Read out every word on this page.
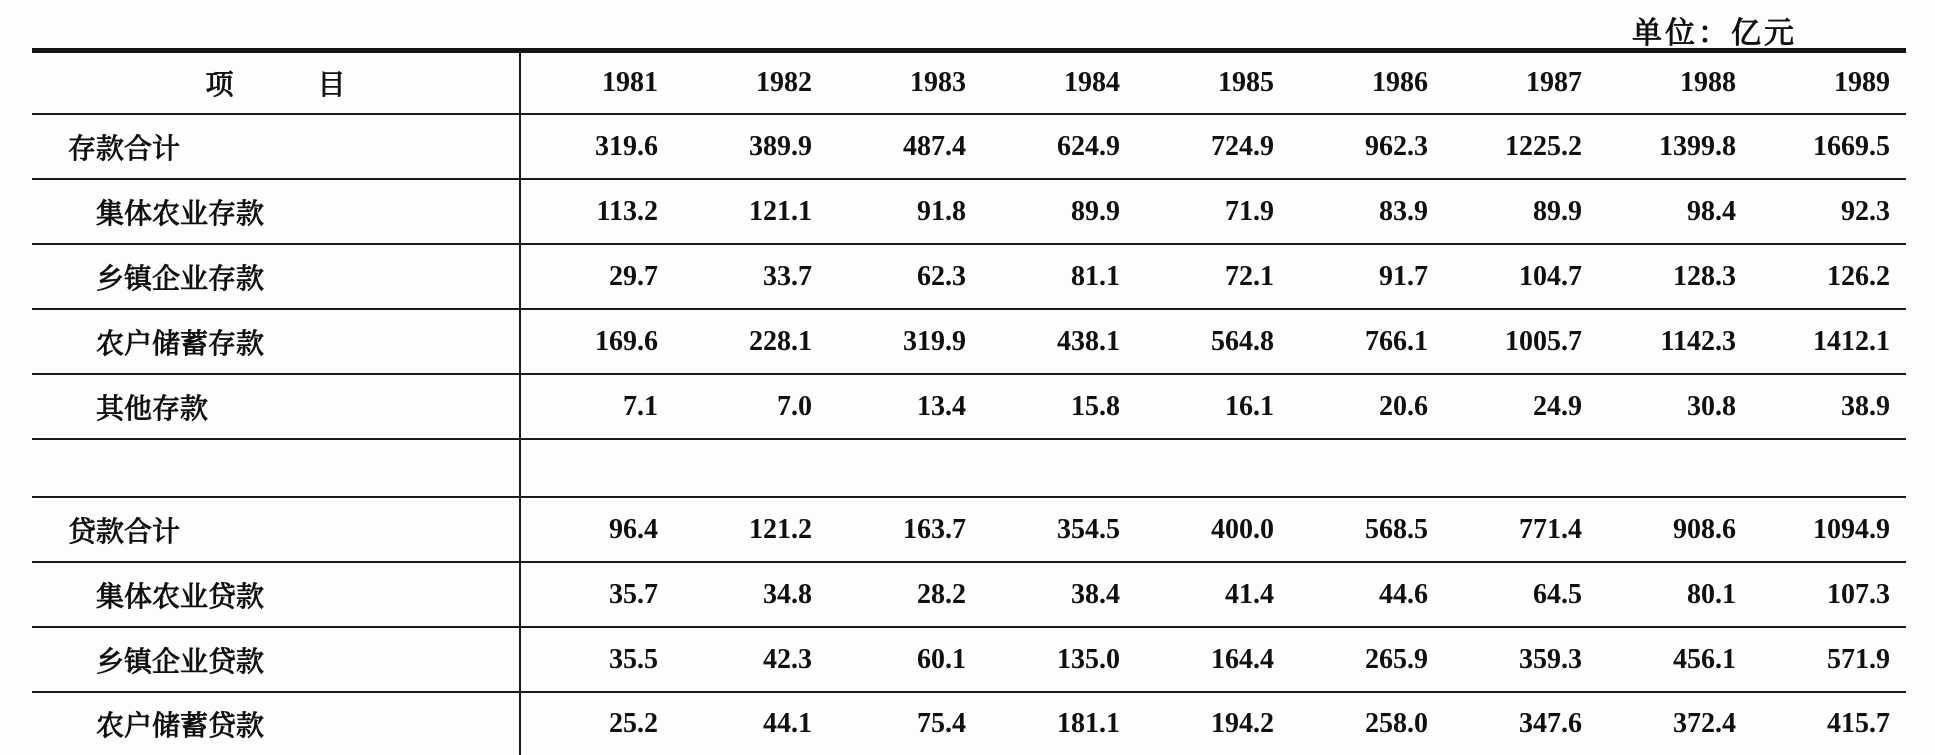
单位：亿元
项　　　目	1981	1982	1983	1984	1985	1986	1987	1988	1989
存款合计	319.6	389.9	487.4	624.9	724.9	962.3	1225.2	1399.8	1669.5
集体农业存款	113.2	121.1	91.8	89.9	71.9	83.9	89.9	98.4	92.3
乡镇企业存款	29.7	33.7	62.3	81.1	72.1	91.7	104.7	128.3	126.2
农户储蓄存款	169.6	228.1	319.9	438.1	564.8	766.1	1005.7	1142.3	1412.1
其他存款	7.1	7.0	13.4	15.8	16.1	20.6	24.9	30.8	38.9

贷款合计	96.4	121.2	163.7	354.5	400.0	568.5	771.4	908.6	1094.9
集体农业贷款	35.7	34.8	28.2	38.4	41.4	44.6	64.5	80.1	107.3
乡镇企业贷款	35.5	42.3	60.1	135.0	164.4	265.9	359.3	456.1	571.9
农户储蓄贷款	25.2	44.1	75.4	181.1	194.2	258.0	347.6	372.4	415.7
